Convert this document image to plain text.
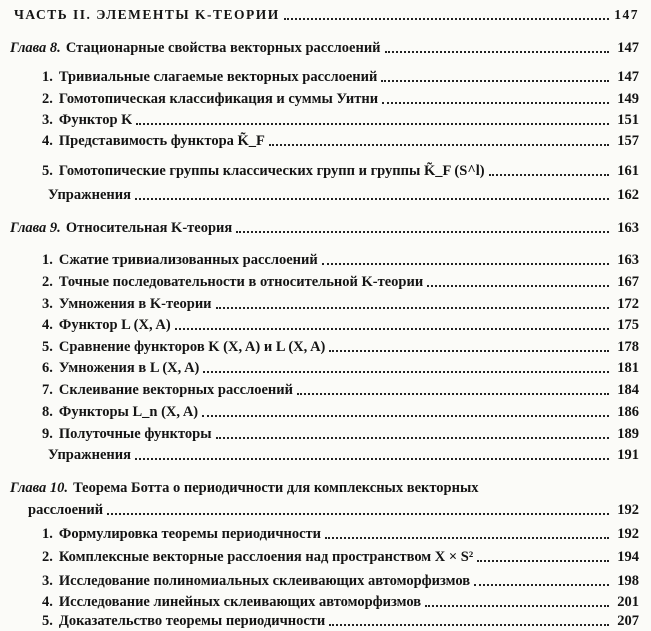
ЧАСТЬ II. ЭЛЕМЕНТЫ K-ТЕОРИИ	147
Глава 8. Стационарные свойства векторных расслоений	147
1. Тривиальные слагаемые векторных расслоений	147
2. Гомотопическая классификация и суммы Уитни	149
3. Функтор K	151
4. Представимость функтора K̃_F	157
5. Гомотопические группы классических групп и группы K̃_F (S^l)	161
Упражнения	162
Глава 9. Относительная K-теория	163
1. Сжатие тривиализованных расслоений	163
2. Точные последовательности в относительной K-теории	167
3. Умножения в K-теории	172
4. Функтор L (X, A)	175
5. Сравнение функторов K (X, A) и L (X, A)	178
6. Умножения в L (X, A)	181
7. Склеивание векторных расслоений	184
8. Функторы L_n (X, A)	186
9. Полуточные функторы	189
Упражнения	191
Глава 10. Теорема Ботта о периодичности для комплексных векторных
расслоений	192
1. Формулировка теоремы периодичности	192
2. Комплексные векторные расслоения над пространством X × S²	194
3. Исследование полиномиальных склеивающих автоморфизмов	198
4. Исследование линейных склеивающих автоморфизмов	201
5. Доказательство теоремы периодичности	207
